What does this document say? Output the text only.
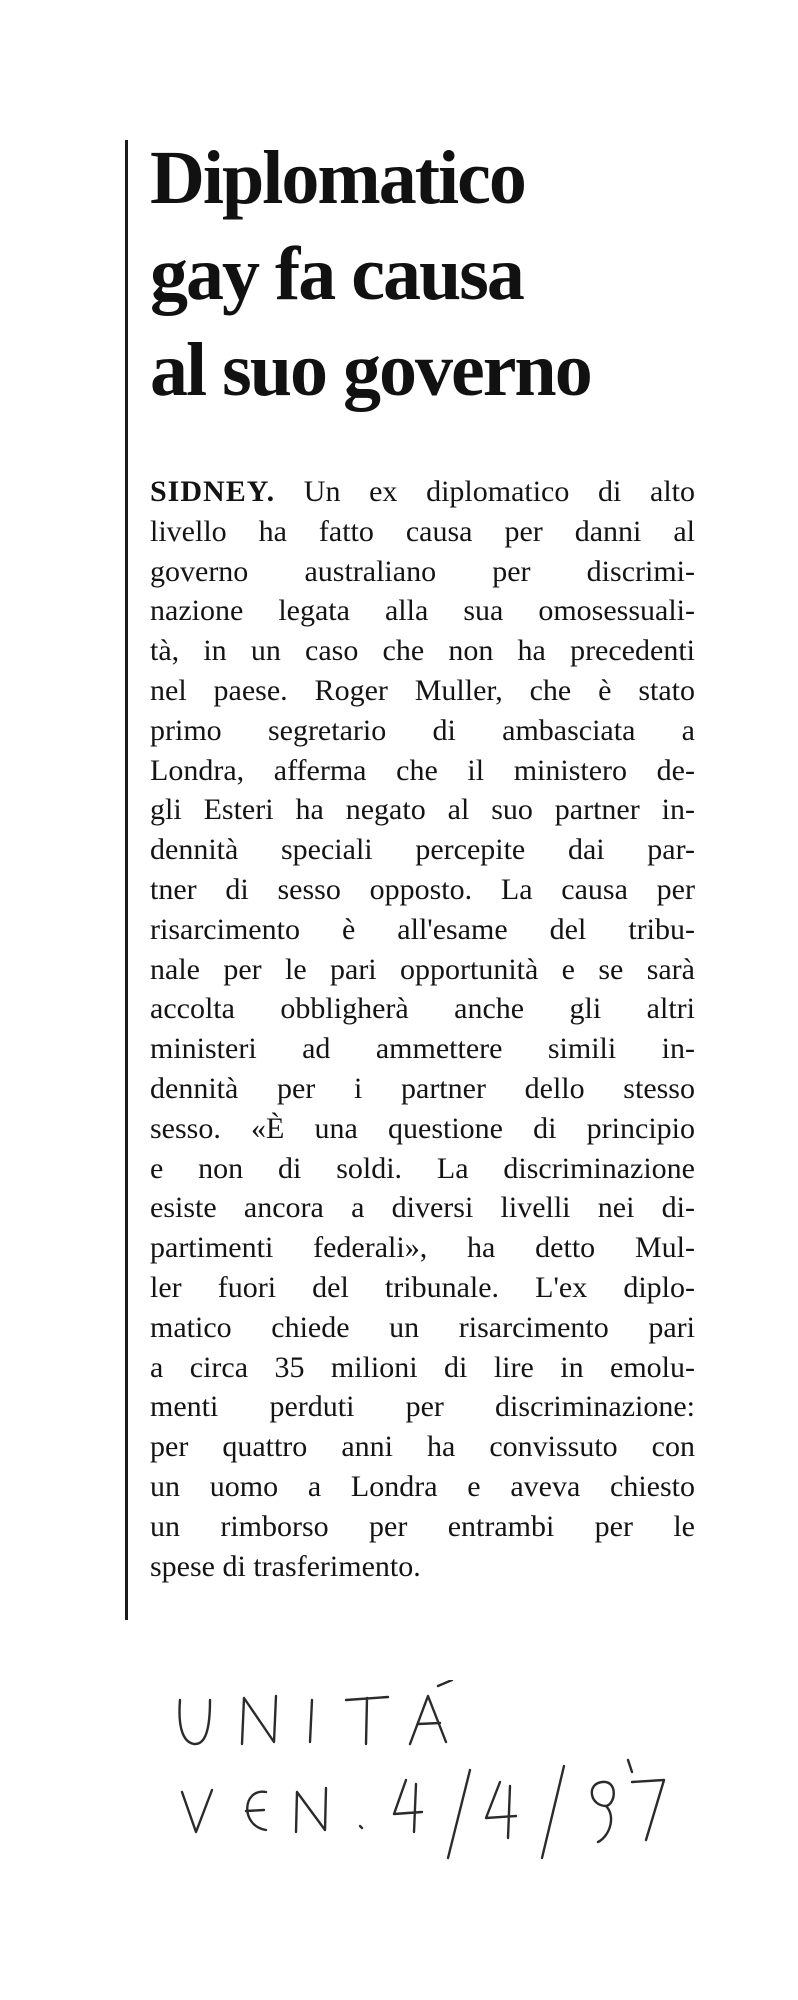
Diplomatico
gay fa causa
al suo governo
SIDNEY. Un ex diplomatico di alto
livello ha fatto causa per danni al
governo australiano per discrimi-
nazione legata alla sua omosessuali-
tà, in un caso che non ha precedenti
nel paese. Roger Muller, che è stato
primo segretario di ambasciata a
Londra, afferma che il ministero de-
gli Esteri ha negato al suo partner in-
dennità speciali percepite dai par-
tner di sesso opposto. La causa per
risarcimento è all'esame del tribu-
nale per le pari opportunità e se sarà
accolta obbligherà anche gli altri
ministeri ad ammettere simili in-
dennità per i partner dello stesso
sesso. «È una questione di principio
e non di soldi. La discriminazione
esiste ancora a diversi livelli nei di-
partimenti federali», ha detto Mul-
ler fuori del tribunale. L'ex diplo-
matico chiede un risarcimento pari
a circa 35 milioni di lire in emolu-
menti perduti per discriminazione:
per quattro anni ha convissuto con
un uomo a Londra e aveva chiesto
un rimborso per entrambi per le
spese di trasferimento.
